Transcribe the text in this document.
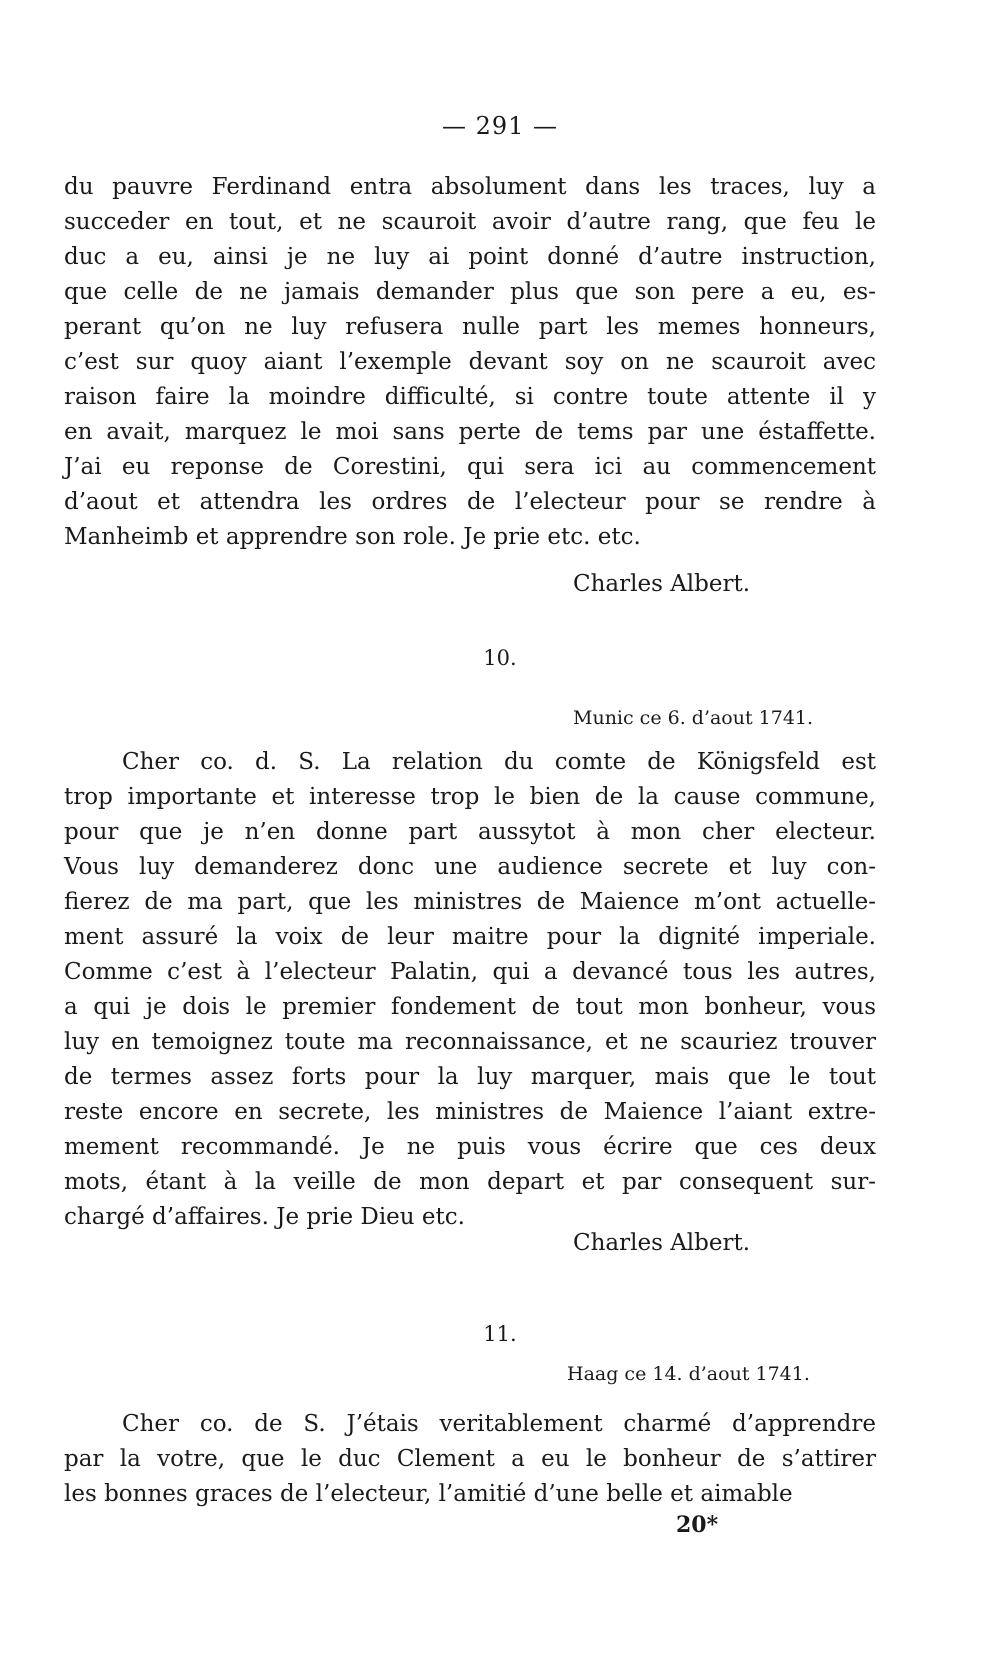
— 291 —
du pauvre Ferdinand entra absolument dans les traces, luy a
succeder en tout, et ne scauroit avoir d’autre rang, que feu le
duc a eu, ainsi je ne luy ai point donné d’autre instruction,
que celle de ne jamais demander plus que son pere a eu, es-
perant qu’on ne luy refusera nulle part les memes honneurs,
c’est sur quoy aiant l’exemple devant soy on ne scauroit avec
raison faire la moindre difficulté, si contre toute attente il y
en avait, marquez le moi sans perte de tems par une éstaffette.
J’ai eu reponse de Corestini, qui sera ici au commencement
d’aout et attendra les ordres de l’electeur pour se rendre à
Manheimb et apprendre son role. Je prie etc. etc.
Charles Albert.
10.
Munic ce 6. d’aout 1741.
Cher co. d. S. La relation du comte de Königsfeld est
trop importante et interesse trop le bien de la cause commune,
pour que je n’en donne part aussytot à mon cher electeur.
Vous luy demanderez donc une audience secrete et luy con-
fierez de ma part, que les ministres de Maience m’ont actuelle-
ment assuré la voix de leur maitre pour la dignité imperiale.
Comme c’est à l’electeur Palatin, qui a devancé tous les autres,
a qui je dois le premier fondement de tout mon bonheur, vous
luy en temoignez toute ma reconnaissance, et ne scauriez trouver
de termes assez forts pour la luy marquer, mais que le tout
reste encore en secrete, les ministres de Maience l’aiant extre-
mement recommandé. Je ne puis vous écrire que ces deux
mots, étant à la veille de mon depart et par consequent sur-
chargé d’affaires. Je prie Dieu etc.
Charles Albert.
11.
Haag ce 14. d’aout 1741.
Cher co. de S. J’étais veritablement charmé d’apprendre
par la votre, que le duc Clement a eu le bonheur de s’attirer
les bonnes graces de l’electeur, l’amitié d’une belle et aimable
20*
